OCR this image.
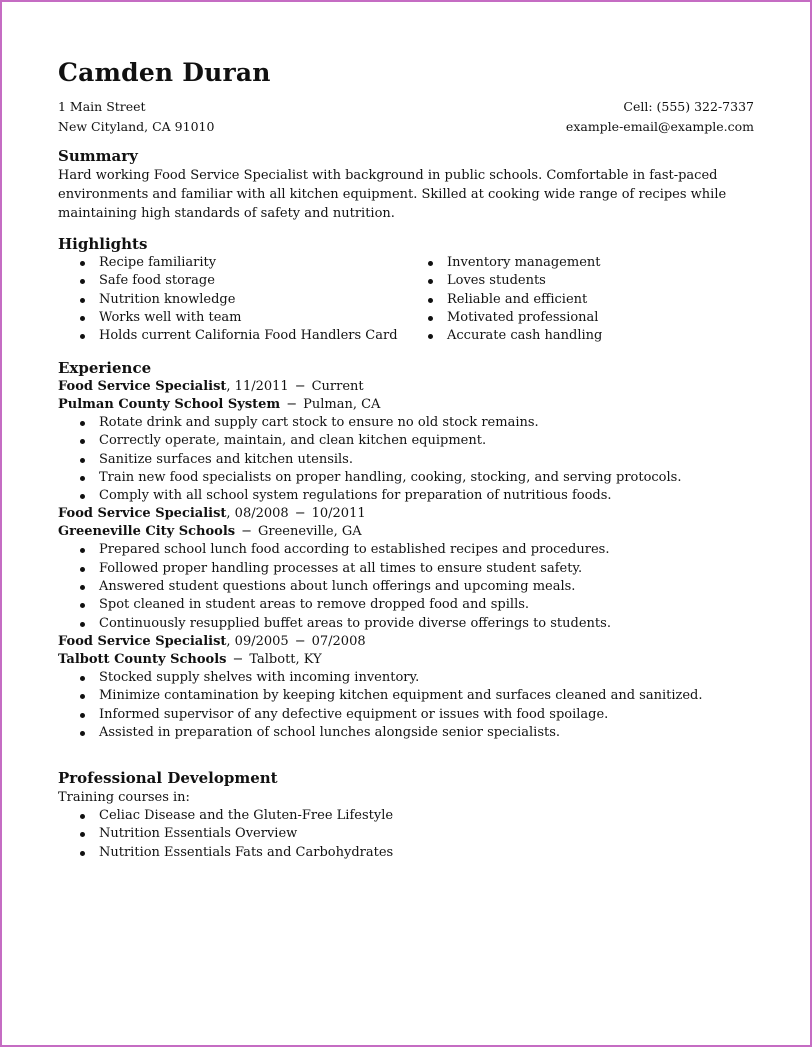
Camden Duran
1 Main Street
New Cityland, CA 91010
Cell: (555) 322-7337
example-email@example.com
Summary
Hard working Food Service Specialist with background in public schools. Comfortable in fast-paced environments and familiar with all kitchen equipment. Skilled at cooking wide range of recipes while maintaining high standards of safety and nutrition.
Highlights
Recipe familiarity
Safe food storage
Nutrition knowledge
Works well with team
Holds current California Food Handlers Card
Inventory management
Loves students
Reliable and efficient
Motivated professional
Accurate cash handling
Experience
Food Service Specialist, 11/2011 − Current
Pulman County School System − Pulman, CA
Rotate drink and supply cart stock to ensure no old stock remains.
Correctly operate, maintain, and clean kitchen equipment.
Sanitize surfaces and kitchen utensils.
Train new food specialists on proper handling, cooking, stocking, and serving protocols.
Comply with all school system regulations for preparation of nutritious foods.
Food Service Specialist, 08/2008 − 10/2011
Greeneville City Schools − Greeneville, GA
Prepared school lunch food according to established recipes and procedures.
Followed proper handling processes at all times to ensure student safety.
Answered student questions about lunch offerings and upcoming meals.
Spot cleaned in student areas to remove dropped food and spills.
Continuously resupplied buffet areas to provide diverse offerings to students.
Food Service Specialist, 09/2005 − 07/2008
Talbott County Schools − Talbott, KY
Stocked supply shelves with incoming inventory.
Minimize contamination by keeping kitchen equipment and surfaces cleaned and sanitized.
Informed supervisor of any defective equipment or issues with food spoilage.
Assisted in preparation of school lunches alongside senior specialists.
Professional Development
Training courses in:
Celiac Disease and the Gluten-Free Lifestyle
Nutrition Essentials Overview
Nutrition Essentials Fats and Carbohydrates
